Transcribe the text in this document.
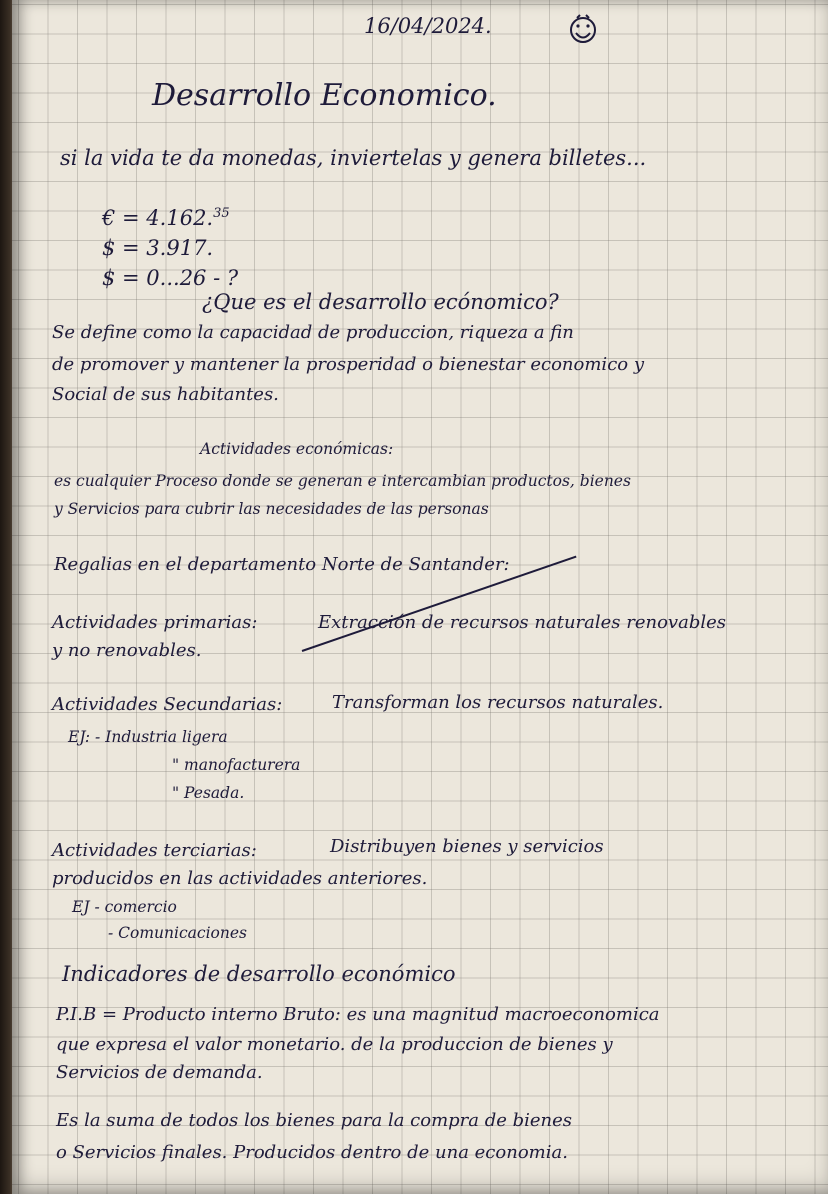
16/04/2024.
Desarrollo Economico.
si la vida te da monedas, inviertelas y genera billetes...
€ = 4.162.35
$ = 3.917.
$ = 0...26 - ?
¿Que es el desarrollo ecónomico?
Se define como la capacidad de produccion, riqueza a fin
de promover y mantener la prosperidad o bienestar economico y
Social de sus habitantes.
Actividades económicas:
es cualquier Proceso donde se generan e intercambian productos, bienes
y Servicios para cubrir las necesidades de las personas
Regalias en el departamento Norte de Santander:
Actividades primarias:	Extracción de recursos naturales renovables
y no renovables.
Actividades Secundarias:	Transforman los recursos naturales.
EJ: - Industria ligera
" manofacturera
" Pesada.
Actividades terciarias:	Distribuyen bienes y servicios
producidos en las actividades anteriores.
EJ - comercio
- Comunicaciones
Indicadores de desarrollo económico
P.I.B = Producto interno Bruto: es una magnitud macroeconomica
que expresa el valor monetario. de la produccion de bienes y
Servicios de demanda.
Es la suma de todos los bienes para la compra de bienes
o Servicios finales. Producidos dentro de una economia.
